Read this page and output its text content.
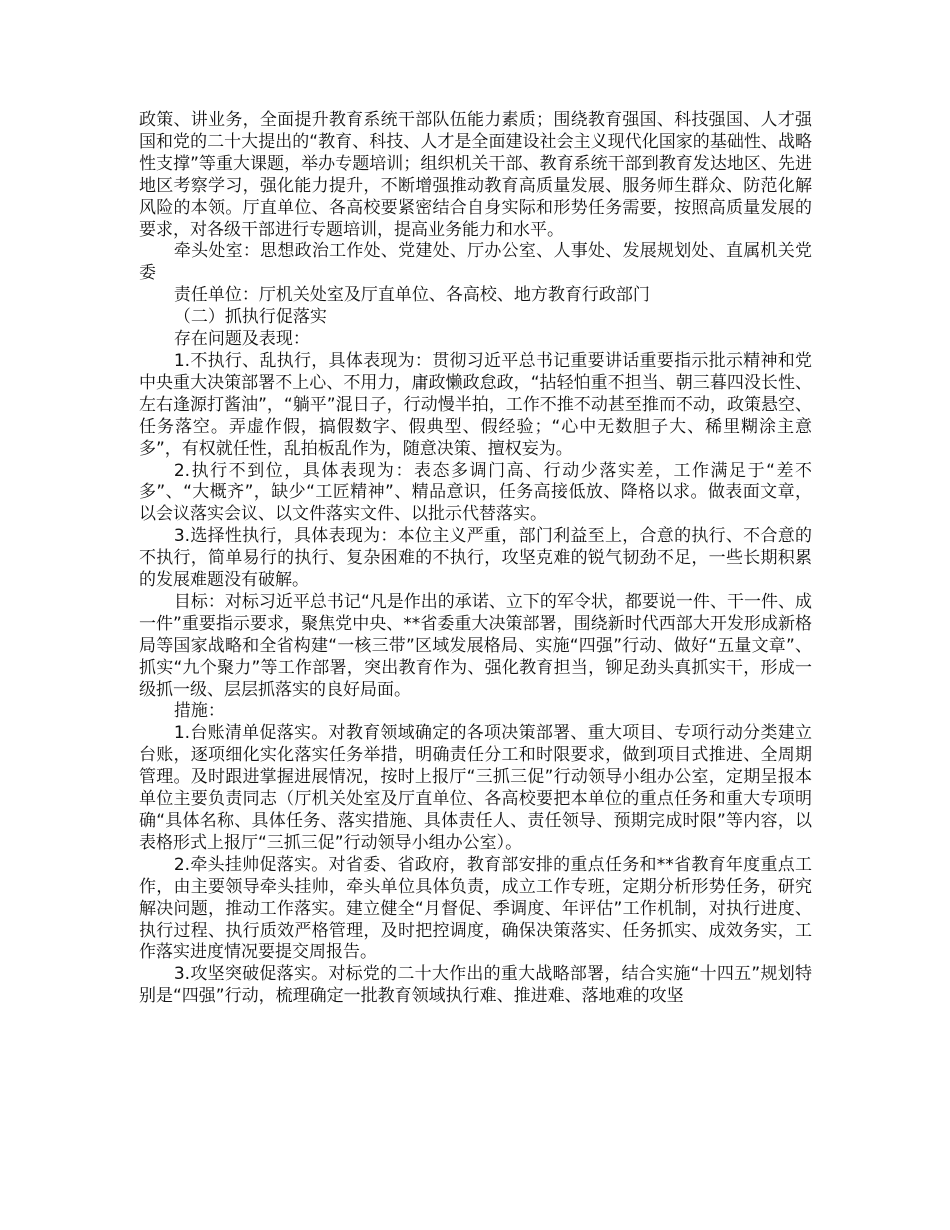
政策、讲业务，全面提升教育系统干部队伍能力素质；围绕教育强国、科技强国、人才强国和党的二十大提出的“教育、科技、人才是全面建设社会主义现代化国家的基础性、战略性支撑”等重大课题，举办专题培训；组织机关干部、教育系统干部到教育发达地区、先进地区考察学习，强化能力提升，不断增强推动教育高质量发展、服务师生群众、防范化解风险的本领。厅直单位、各高校要紧密结合自身实际和形势任务需要，按照高质量发展的要求，对各级干部进行专题培训，提高业务能力和水平。

牵头处室：思想政治工作处、党建处、厅办公室、人事处、发展规划处、直属机关党委

责任单位：厅机关处室及厅直单位、各高校、地方教育行政部门

（二）抓执行促落实

存在问题及表现：

1.不执行、乱执行，具体表现为：贯彻习近平总书记重要讲话重要指示批示精神和党中央重大决策部署不上心、不用力，庸政懒政怠政，“拈轻怕重不担当、朝三暮四没长性、左右逢源打酱油”，“躺平”混日子，行动慢半拍，工作不推不动甚至推而不动，政策悬空、任务落空。弄虚作假，搞假数字、假典型、假经验；“心中无数胆子大、稀里糊涂主意多”，有权就任性，乱拍板乱作为，随意决策、擅权妄为。

2.执行不到位，具体表现为：表态多调门高、行动少落实差，工作满足于“差不多”、“大概齐”，缺少“工匠精神”、精品意识，任务高接低放、降格以求。做表面文章，以会议落实会议、以文件落实文件、以批示代替落实。

3.选择性执行，具体表现为：本位主义严重，部门利益至上，合意的执行、不合意的不执行，简单易行的执行、复杂困难的不执行，攻坚克难的锐气韧劲不足，一些长期积累的发展难题没有破解。

目标：对标习近平总书记“凡是作出的承诺、立下的军令状，都要说一件、干一件、成一件”重要指示要求，聚焦党中央、**省委重大决策部署，围绕新时代西部大开发形成新格局等国家战略和全省构建“一核三带”区域发展格局、实施“四强”行动、做好“五量文章”、抓实“九个聚力”等工作部署，突出教育作为、强化教育担当，铆足劲头真抓实干，形成一级抓一级、层层抓落实的良好局面。

措施：

1.台账清单促落实。对教育领域确定的各项决策部署、重大项目、专项行动分类建立台账，逐项细化实化落实任务举措，明确责任分工和时限要求，做到项目式推进、全周期管理。及时跟进掌握进展情况，按时上报厅“三抓三促”行动领导小组办公室，定期呈报本单位主要负责同志（厅机关处室及厅直单位、各高校要把本单位的重点任务和重大专项明确“具体名称、具体任务、落实措施、具体责任人、责任领导、预期完成时限”等内容，以表格形式上报厅“三抓三促”行动领导小组办公室）。

2.牵头挂帅促落实。对省委、省政府，教育部安排的重点任务和**省教育年度重点工作，由主要领导牵头挂帅，牵头单位具体负责，成立工作专班，定期分析形势任务，研究解决问题，推动工作落实。建立健全“月督促、季调度、年评估”工作机制，对执行进度、执行过程、执行质效严格管理，及时把控调度，确保决策落实、任务抓实、成效务实，工作落实进度情况要提交周报告。

3.攻坚突破促落实。对标党的二十大作出的重大战略部署，结合实施“十四五”规划特别是“四强”行动，梳理确定一批教育领域执行难、推进难、落地难的攻坚
